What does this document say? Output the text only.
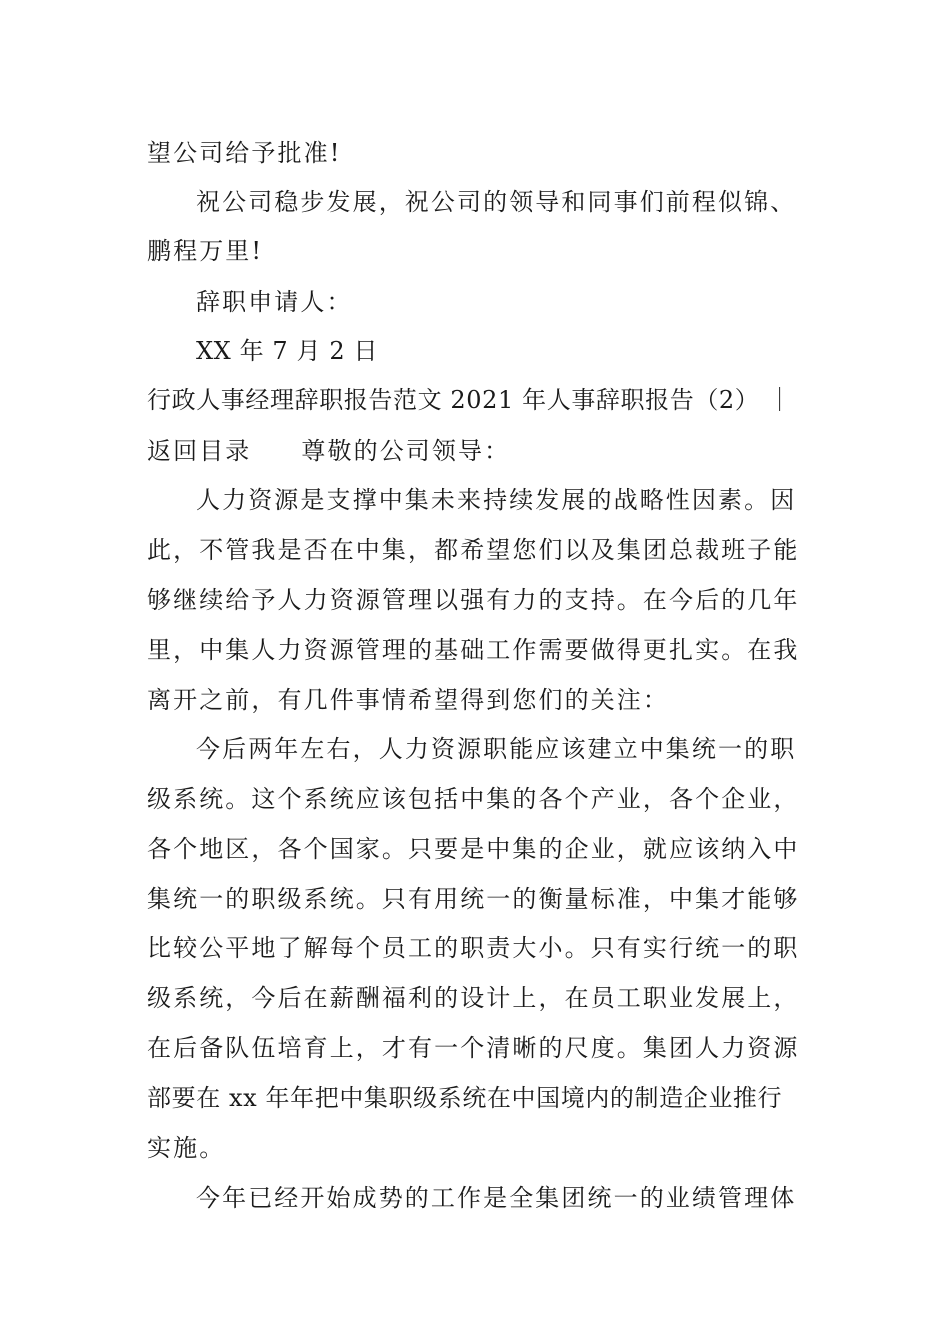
望公司给予批准!
祝公司稳步发展，祝公司的领导和同事们前程似锦、
鹏程万里!
辞职申请人：
XX 年 7 月 2 日
行政人事经理辞职报告范文 2021 年人事辞职报告（2） ｜
返回目录 尊敬的公司领导：
人力资源是支撑中集未来持续发展的战略性因素。因
此，不管我是否在中集，都希望您们以及集团总裁班子能
够继续给予人力资源管理以强有力的支持。在今后的几年
里，中集人力资源管理的基础工作需要做得更扎实。在我
离开之前，有几件事情希望得到您们的关注：
今后两年左右，人力资源职能应该建立中集统一的职
级系统。这个系统应该包括中集的各个产业，各个企业，
各个地区，各个国家。只要是中集的企业，就应该纳入中
集统一的职级系统。只有用统一的衡量标准，中集才能够
比较公平地了解每个员工的职责大小。只有实行统一的职
级系统，今后在薪酬福利的设计上，在员工职业发展上，
在后备队伍培育上，才有一个清晰的尺度。集团人力资源
部要在 xx 年年把中集职级系统在中国境内的制造企业推行
实施。
今年已经开始成势的工作是全集团统一的业绩管理体
